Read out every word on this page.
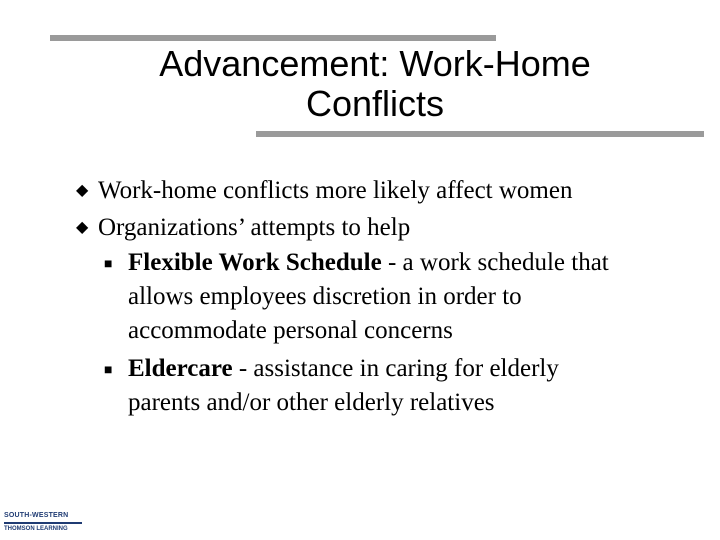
Advancement: Work-Home
Conflicts
◆ Work-home conflicts more likely affect women
◆ Organizations’ attempts to help
■ Flexible Work Schedule - a work schedule that
allows employees discretion in order to
accommodate personal concerns
■ Eldercare - assistance in caring for elderly
parents and/or other elderly relatives
SOUTH-WESTERN
THOMSON LEARNING
